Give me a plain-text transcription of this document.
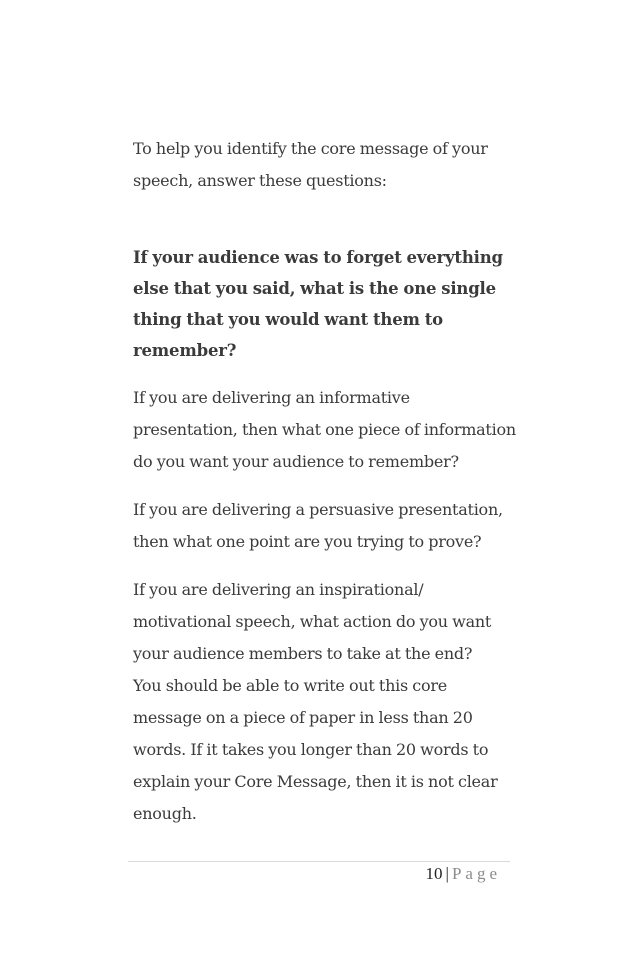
To help you identify the core message of your speech, answer these questions:

If your audience was to forget everything else that you said, what is the one single thing that you would want them to remember?

If you are delivering an informative presentation, then what one piece of information do you want your audience to remember?

If you are delivering a persuasive presentation, then what one point are you trying to prove?

If you are delivering an inspirational/ motivational speech, what action do you want your audience members to take at the end?

You should be able to write out this core message on a piece of paper in less than 20 words. If it takes you longer than 20 words to explain your Core Message, then it is not clear enough.

10 | Page
